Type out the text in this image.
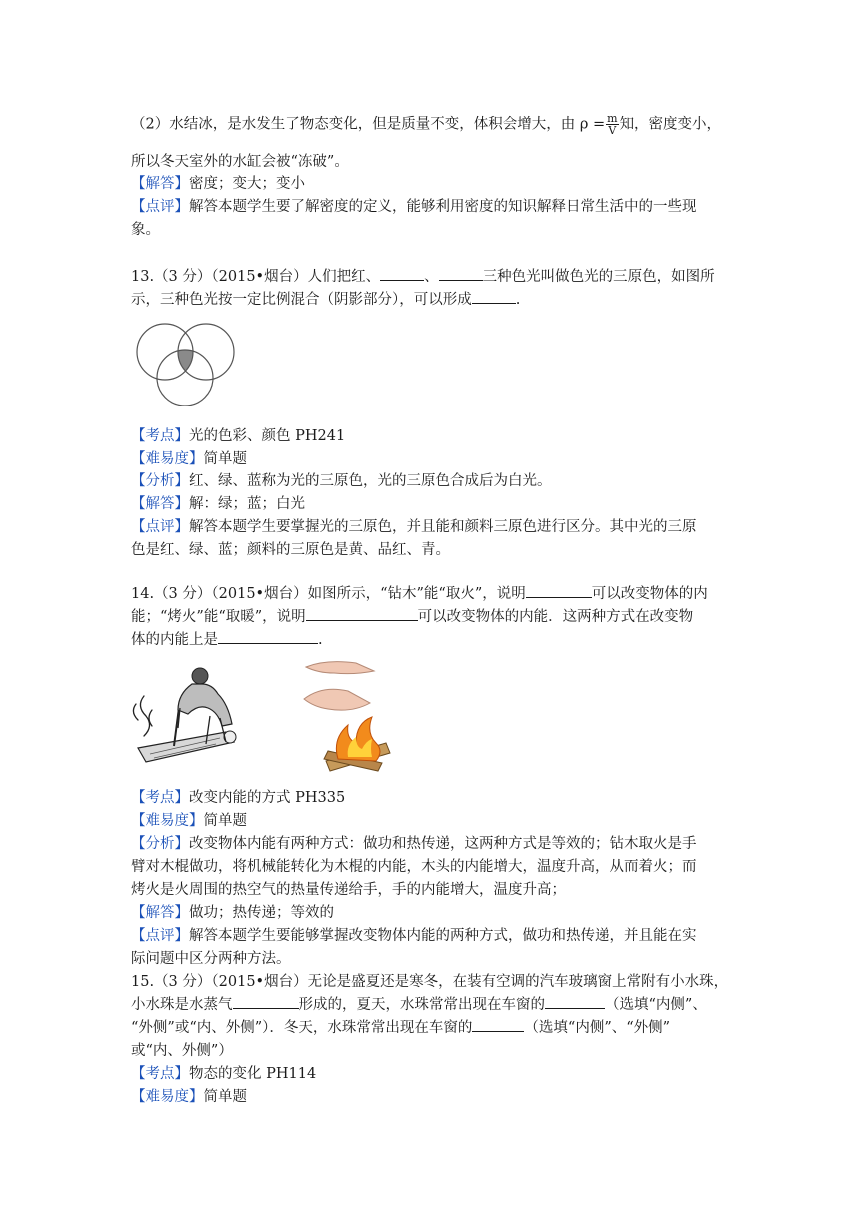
（2）水结冰，是水发生了物态变化，但是质量不变，体积会增大，由 $\rho = \frac{m}{V}$ 知，密度变小，
所以冬天室外的水缸会被“冻破”。
【解答】密度；变大；变小
【点评】解答本题学生要了解密度的定义，能够利用密度的知识解释日常生活中的一些现
象。
13.（3 分）（2015•烟台）人们把红、	、	三种色光叫做色光的三原色，如图所
示，三种色光按一定比例混合（阴影部分），可以形成	.
【考点】光的色彩、颜色 PH241
【难易度】简单题
【分析】红、绿、蓝称为光的三原色，光的三原色合成后为白光。
【解答】解：绿；蓝；白光
【点评】解答本题学生要掌握光的三原色，并且能和颜料三原色进行区分。其中光的三原
色是红、绿、蓝；颜料的三原色是黄、品红、青。
14.（3 分）（2015•烟台）如图所示，“钻木”能“取火”，说明	可以改变物体的内
能；“烤火”能“取暖”，说明	可以改变物体的内能．这两种方式在改变物
体的内能上是	.
【考点】改变内能的方式 PH335
【难易度】简单题
【分析】改变物体内能有两种方式：做功和热传递，这两种方式是等效的；钻木取火是手
臂对木棍做功，将机械能转化为木棍的内能，木头的内能增大，温度升高，从而着火；而
烤火是火周围的热空气的热量传递给手，手的内能增大，温度升高；
【解答】做功；热传递；等效的
【点评】解答本题学生要能够掌握改变物体内能的两种方式，做功和热传递，并且能在实
际问题中区分两种方法。
15.（3 分）（2015•烟台）无论是盛夏还是寒冬，在装有空调的汽车玻璃窗上常附有小水珠，
小水珠是水蒸气	形成的，夏天，水珠常常出现在车窗的	（选填“内侧”、
“外侧”或“内、外侧”）．冬天，水珠常常出现在车窗的	（选填“内侧”、“外侧”
或“内、外侧”）
【考点】物态的变化 PH114
【难易度】简单题
